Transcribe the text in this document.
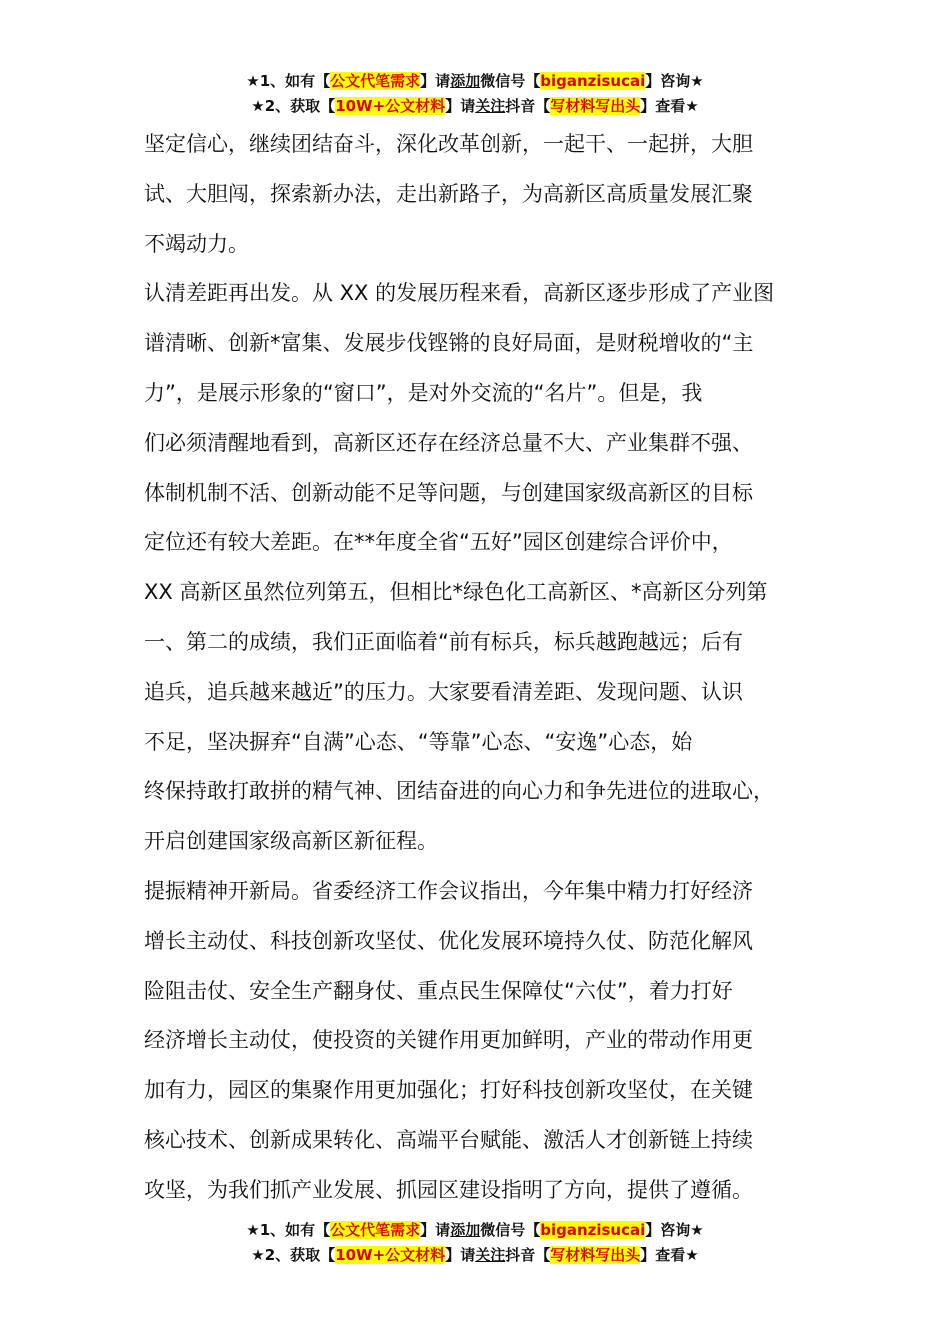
★1、如有【公文代笔需求】请添加微信号【biganzisucai】咨询★
★2、获取【10W+公文材料】请关注抖音【写材料写出头】查看★

坚定信心，继续团结奋斗，深化改革创新，一起干、一起拼，大胆
试、大胆闯，探索新办法，走出新路子，为高新区高质量发展汇聚
不竭动力。

认清差距再出发。从 XX 的发展历程来看，高新区逐步形成了产业图
谱清晰、创新*富集、发展步伐铿锵的良好局面，是财税增收的“主
力”，是展示形象的“窗口”，是对外交流的“名片”。但是，我
们必须清醒地看到，高新区还存在经济总量不大、产业集群不强、
体制机制不活、创新动能不足等问题，与创建国家级高新区的目标
定位还有较大差距。在**年度全省“五好”园区创建综合评价中，
XX 高新区虽然位列第五，但相比*绿色化工高新区、*高新区分列第
一、第二的成绩，我们正面临着“前有标兵，标兵越跑越远；后有
追兵，追兵越来越近”的压力。大家要看清差距、发现问题、认识
不足，坚决摒弃“自满”心态、“等靠”心态、“安逸”心态，始
终保持敢打敢拼的精气神、团结奋进的向心力和争先进位的进取心，
开启创建国家级高新区新征程。

提振精神开新局。省委经济工作会议指出，今年集中精力打好经济
增长主动仗、科技创新攻坚仗、优化发展环境持久仗、防范化解风
险阻击仗、安全生产翻身仗、重点民生保障仗“六仗”，着力打好
经济增长主动仗，使投资的关键作用更加鲜明，产业的带动作用更
加有力，园区的集聚作用更加强化；打好科技创新攻坚仗，在关键
核心技术、创新成果转化、高端平台赋能、激活人才创新链上持续
攻坚，为我们抓产业发展、抓园区建设指明了方向，提供了遵循。

★1、如有【公文代笔需求】请添加微信号【biganzisucai】咨询★
★2、获取【10W+公文材料】请关注抖音【写材料写出头】查看★
